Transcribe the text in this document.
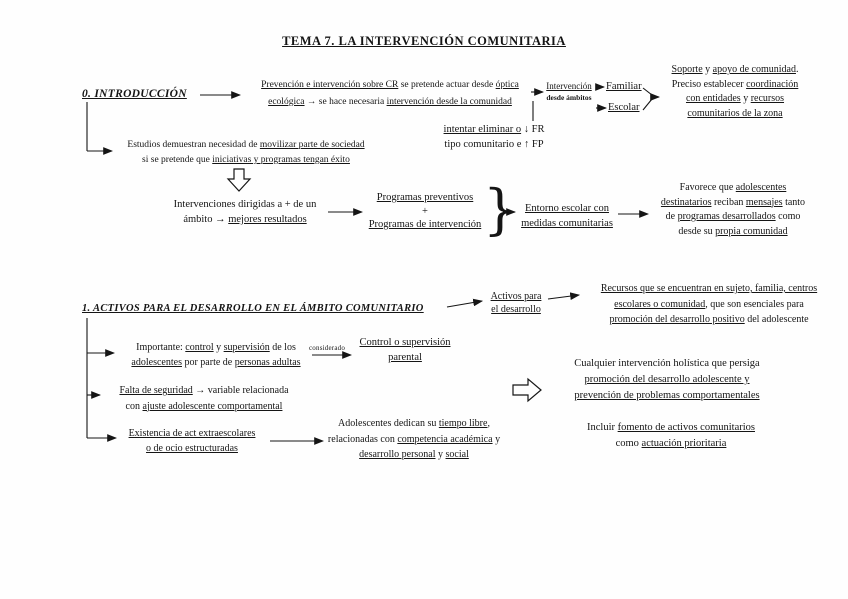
TEMA 7. LA INTERVENCIÓN COMUNITARIA
0. INTRODUCCIÓN
Prevención e intervención sobre CR se pretende actuar desde óptica
ecológica → se hace necesaria intervención desde la comunidad
Intervención
desde ámbitos
Familiar
Escolar
Soporte y apoyo de comunidad.
Preciso establecer coordinación
con entidades y recursos
comunitarios de la zona
intentar eliminar o ↓ FR
tipo comunitario e ↑ FP
Estudios demuestran necesidad de movilizar parte de sociedad
si se pretende que iniciativas y programas tengan éxito
Intervenciones dirigidas a + de un
ámbito → mejores resultados
Programas preventivos
+
Programas de intervención } Entorno escolar con
medidas comunitarias
Favorece que adolescentes
destinatarios reciban mensajes tanto
de programas desarrollados como
desde su propia comunidad
1. ACTIVOS PARA EL DESARROLLO EN EL ÁMBITO COMUNITARIO
Activos para
el desarrollo
Recursos que se encuentran en sujeto, familia, centros
escolares o comunidad, que son esenciales para
promoción del desarrollo positivo del adolescente
Importante: control y supervisión de los
adolescentes por parte de personas adultas
considerado	Control o supervisión
parental
Falta de seguridad → variable relacionada
con ajuste adolescente comportamental
Existencia de act extraescolares
o de ocio estructuradas
Adolescentes dedican su tiempo libre,
relacionadas con competencia académica y
desarrollo personal y social
Cualquier intervención holística que persiga
promoción del desarrollo adolescente y
prevención de problemas comportamentales
Incluir fomento de activos comunitarios
como actuación prioritaria
